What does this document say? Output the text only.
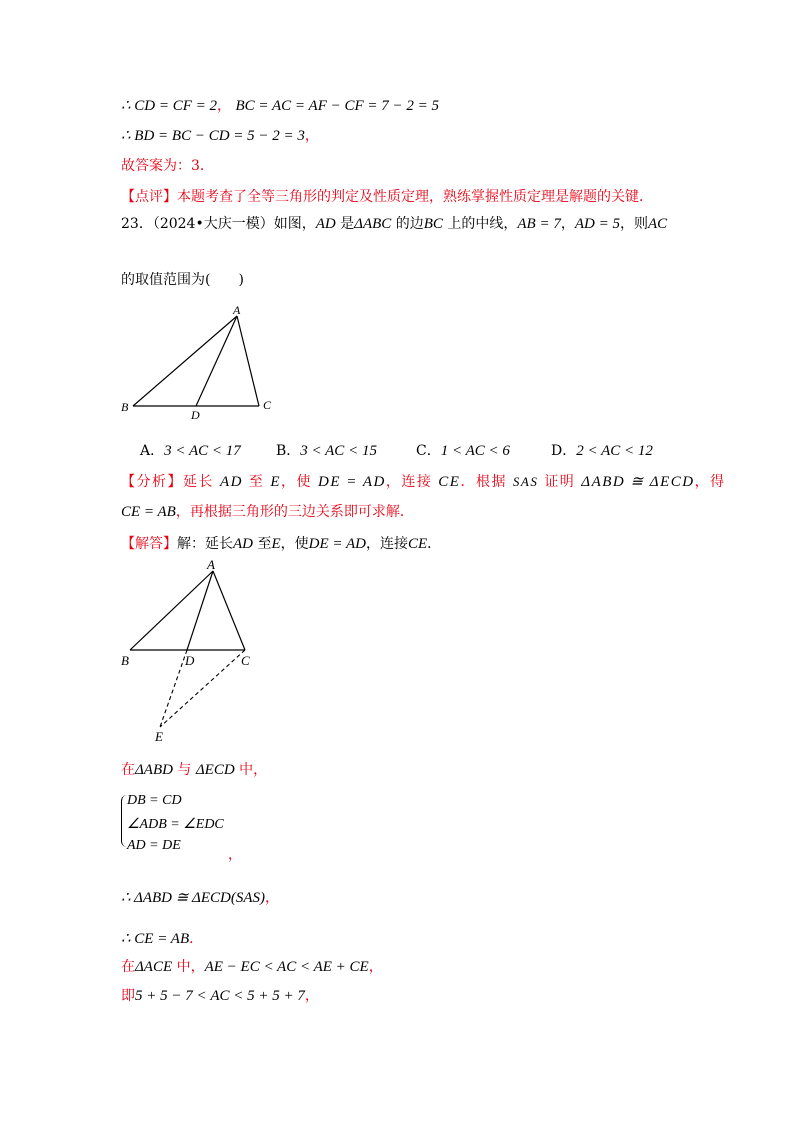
∴ CD = CF = 2， BC = AC = AF − CF = 7 − 2 = 5
∴ BD = BC − CD = 5 − 2 = 3，
故答案为：3．
【点评】本题考查了全等三角形的判定及性质定理，熟练掌握性质定理是解题的关键．
23．（2024•大庆一模）如图，AD 是ΔABC 的边BC 上的中线，AB = 7，AD = 5，则AC
的取值范围为(　　)
A
B	C
D
A．3 < AC < 17	B．3 < AC < 15	C．1 < AC < 6	D．2 < AC < 12
【分析】延长 AD 至 E，使 DE = AD，连接 CE．根据 SAS 证明 ΔABD ≅ ΔECD，得
CE = AB，再根据三角形的三边关系即可求解．
【解答】解：延长AD 至E，使DE = AD，连接CE．
A
B	C
D
E
在ΔABD 与 ΔECD 中，
DB = CD
∠ADB = ∠EDC
AD = DE
，
∴ ΔABD ≅ ΔECD(SAS)，
∴ CE = AB．
在ΔACE 中，AE − EC < AC < AE + CE，
即5 + 5 − 7 < AC < 5 + 5 + 7，
